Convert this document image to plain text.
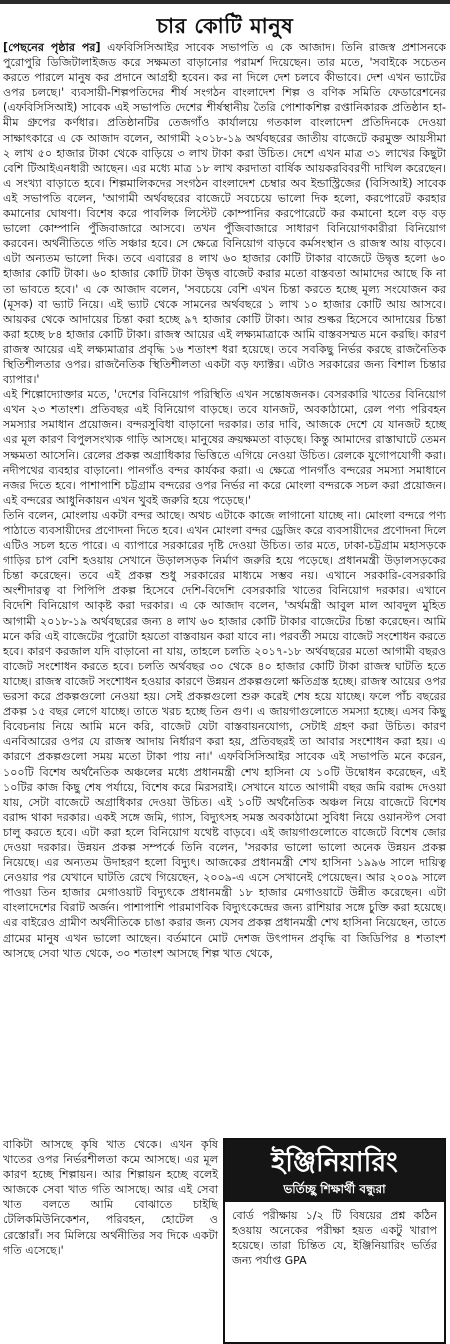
চার কোটি মানুষ

[পেছনের পৃষ্ঠার পর] এফবিসিসিআইর সাবেক সভাপতি এ কে আজাদ। তিনি রাজস্ব প্রশাসনকে পুরোপুরি ডিজিটালাইজড করে সক্ষমতা বাড়ানোর পরামর্শ দিয়েছেন। তার মতে, 'সবাইকে সচেতন করতে পারলে মানুষ কর প্রদানে আগ্রহী হবেন। কর না দিলে দেশ চলবে কীভাবে। দেশ এখন ভ্যাটের ওপর চলছে।' ব্যবসায়ী-শিল্পপতিদের শীর্ষ সংগঠন বাংলাদেশ শিল্প ও বণিক সমিতি ফেডারেশনের (এফবিসিসিআই) সাবেক এই সভাপতি দেশের শীর্ষস্থানীয় তৈরি পোশাকশিল্প রপ্তানিকারক প্রতিষ্ঠান হা-মীম গ্রুপের কর্ণধার। প্রতিষ্ঠানটির তেজগাঁও কার্যালয়ে গতকাল বাংলাদেশ প্রতিদিনকে দেওয়া সাক্ষাৎকারে এ কে আজাদ বলেন, আগামী ২০১৮-১৯ অর্থবছরের জাতীয় বাজেটে করমুক্ত আয়সীমা ২ লাখ ৫০ হাজার টাকা থেকে বাড়িয়ে ৩ লাখ টাকা করা উচিত। দেশে এখন মাত্র ৩১ লাখের কিছুটা বেশি টিআইএনধারী আছেন। এর মধ্যে মাত্র ১৮ লাখ করদাতা বার্ষিক আয়করবিবরণী দাখিল করেছেন। এ সংখ্যা বাড়াতে হবে। শিল্পমালিকদের সংগঠন বাংলাদেশ চেম্বার অব ইন্ডাস্ট্রিজের (বিসিআই) সাবেক এই সভাপতি বলেন, 'আগামী অর্থবছরের বাজেটে সবচেয়ে ভালো দিক হলো, করপোরেট করহার কমানোর ঘোষণা। বিশেষ করে পাবলিক লিস্টেট কোম্পানির করপোরেটে কর কমানো হলে বড় বড় ভালো কোম্পানি পুঁজিবাজারে আসবে। তখন পুঁজিবাজারে সাধারণ বিনিয়োগকারীরা বিনিয়োগ করবেন। অর্থনীতিতে গতি সঞ্চার হবে। সে ক্ষেত্রে বিনিয়োগ বাড়বে কর্মসংস্থান ও রাজস্ব আয় বাড়বে। এটা অন্যতম ভালো দিক। তবে এবারের ৪ লাখ ৬০ হাজার কোটি টাকার বাজেটে উদ্বৃত্ত হলো ৬০ হাজার কোটি টাকা। ৬০ হাজার কোটি টাকা উদ্বৃত্ত বাজেট করার মতো বাস্তবতা আমাদের আছে কি না তা ভাবতে হবে।' এ কে আজাদ বলেন, 'সবচেয়ে বেশি এখন চিন্তা করতে হচ্ছে মূল্য সংযোজন কর (মূসক) বা ভ্যাট নিয়ে। এই ভ্যাট থেকে সামনের অর্থবছরে ১ লাখ ১০ হাজার কোটি আয় আসবে। আয়কর থেকে আদায়ের চিন্তা করা হচ্ছে ৯৭ হাজার কোটি টাকা। আর শুল্কর হিসেবে আদায়ের চিন্তা করা হচ্ছে ৮৪ হাজার কোটি টাকা। রাজস্ব আয়ের এই লক্ষ্যমাত্রাকে আমি বাস্তবসম্মত মনে করছি। কারণ রাজস্ব আয়ের এই লক্ষ্যমাত্রার প্রবৃদ্ধি ১৬ শতাংশ ধরা হয়েছে। তবে সবকিছু নির্ভর করছে রাজনৈতিক স্থিতিশীলতার ওপর। রাজনৈতিক স্থিতিশীলতা একটা বড় ফ্যাক্টর। এটাও সরকারের জন্য বিশাল চিন্তার ব্যাপার।'

এই শিল্পোদ্যোক্তার মতে, 'দেশের বিনিয়োগ পরিস্থিতি এখন সন্তোষজনক। বেসরকারি খাতের বিনিয়োগ এখন ২৩ শতাংশ। প্রতিবছর এই বিনিয়োগ বাড়ছে। তবে যানজট, অবকাঠামো, রেল পণ্য পরিবহন সমস্যার সমাধান প্রয়োজন। বন্দরসুবিধা বাড়ানো দরকার। তার দাবি, আজকে দেশে যে যানজট হচ্ছে এর মূল কারণ বিপুলসংখ্যক গাড়ি আসছে। মানুষের ক্রয়ক্ষমতা বাড়ছে। কিন্তু আমাদের রাস্তাঘাটে তেমন সক্ষমতা আসেনি। রেলের প্রকল্প অগ্রাধিকার ভিত্তিতে এগিয়ে নেওয়া উচিত। রেলকে যুগোপযোগী করা। নদীপথের ব্যবহার বাড়ানো। পানগাঁও বন্দর কার্যকর করা। এ ক্ষেত্রে পানগাঁও বন্দরের সমস্যা সমাধানে নজর দিতে হবে। পাশাপাশি চট্টগ্রাম বন্দরের ওপর নির্ভর না করে মোংলা বন্দরকে সচল করা প্রয়োজন। এই বন্দরের আধুনিকায়ন এখন খুবই জরুরি হয়ে পড়েছে।'

তিনি বলেন, মোংলায় একটা বন্দর আছে। অথচ এটাকে কাজে লাগানো যাচ্ছে না। মোংলা বন্দরে পণ্য পাঠাতে ব্যবসায়ীদের প্রণোদনা দিতে হবে। এখন মোংলা বন্দর ড্রেজিং করে ব্যবসায়ীদের প্রণোদনা দিলে এটিও সচল হতে পারে। এ ব্যাপারে সরকারের দৃষ্টি দেওয়া উচিত। তার মতে, ঢাকা-চট্টগ্রাম মহাসড়কে গাড়ির চাপ বেশি হওয়ায় সেখানে উড়ালসড়ক নির্মাণ জরুরি হয়ে পড়েছে। প্রধানমন্ত্রী উড়ালসড়কের চিন্তা করেছেন। তবে এই প্রকল্প শুধু সরকারের মাধ্যমে সম্ভব নয়। এখানে সরকারি-বেসরকারি অংশীদারত্ব বা পিপিপি প্রকল্প হিসেবে দেশি-বিদেশি বেসরকারি খাতের বিনিয়োগ দরকার। এখানে বিদেশি বিনিয়োগ আকৃষ্ট করা দরকার। এ কে আজাদ বলেন, 'অর্থমন্ত্রী আবুল মাল আবদুল মুহিত আগামী ২০১৮-১৯ অর্থবছরের জন্য ৪ লাখ ৬০ হাজার কোটি টাকার বাজেটের চিন্তা করেছেন। আমি মনে করি এই বাজেটের পুরোটা হয়তো বাস্তবায়ন করা যাবে না। পরবর্তী সময়ে বাজেট সংশোধন করতে হবে। কারণ করজাল যদি বাড়ানো না যায়, তাহলে চলতি ২০১৭-১৮ অর্থবছরের মতো আগামী বছরও বাজেট সংশোধন করতে হবে। চলতি অর্থবছর ৩০ থেকে ৪০ হাজার কোটি টাকা রাজস্ব ঘাটতি হতে যাচ্ছে। রাজস্ব বাজেট সংশোধন হওয়ার কারণে উন্নয়ন প্রকল্পগুলো ক্ষতিগ্রস্ত হচ্ছে। রাজস্ব আয়ের ওপর ভরসা করে প্রকল্পগুলো নেওয়া হয়। সেই প্রকল্পগুলো শুরু করেই শেষ হয়ে যাচ্ছে। ফলে পাঁচ বছরের প্রকল্প ১৫ বছর লেগে যাচ্ছে। তাতে খরচ হচ্ছে তিন গুণ। এ জায়গাগুলোতে সমস্যা হচ্ছে। এসব কিছু বিবেচনায় নিয়ে আমি মনে করি, বাজেট যেটা বাস্তবায়নযোগ্য, সেটাই গ্রহণ করা উচিত। কারণ এনবিআরের ওপর যে রাজস্ব আদায় নির্ধারণ করা হয়, প্রতিবছরই তা আবার সংশোধন করা হয়। এ কারণে প্রকল্পগুলো সময় মতো টাকা পায় না।' এফবিসিসিআইর সাবেক এই সভাপতি মনে করেন, ১০০টি বিশেষ অর্থনৈতিক অঞ্চলের মধ্যে প্রধানমন্ত্রী শেখ হাসিনা যে ১০টি উদ্বোধন করেছেন, এই ১০টির কাজ কিছু শেষ পর্যায়ে, বিশেষ করে মিরসরাই। সেখানে যাতে আগামী বছর জমি বরাদ্দ দেওয়া যায়, সেটা বাজেটে অগ্রাধিকার দেওয়া উচিত। এই ১০টি অর্থনৈতিক অঞ্চল নিয়ে বাজেটে বিশেষ বরাদ্দ থাকা দরকার। একই সঙ্গে জমি, গ্যাস, বিদ্যুৎসহ সমস্ত অবকাঠামো সুবিধা নিয়ে ওয়ানস্টপ সেবা চালু করতে হবে। এটা করা হলে বিনিয়োগ যথেষ্ট বাড়বে। এই জায়গাগুলোতে বাজেটে বিশেষ জোর দেওয়া দরকার। উন্নয়ন প্রকল্প সম্পর্কে তিনি বলেন, 'সরকার ভালো ভালো অনেক উন্নয়ন প্রকল্প নিয়েছে। এর অন্যতম উদাহরণ হলো বিদ্যুৎ। আজকের প্রধানমন্ত্রী শেখ হাসিনা ১৯৯৬ সালে দায়িত্ব নেওয়ার পর যেখানে ঘাটতি রেখে গিয়েছেন, ২০০৯-এ এসে সেখানেই পেয়েছেন। আর ২০০৯ সালে পাওয়া তিন হাজার মেগাওয়াট বিদ্যুৎকে প্রধানমন্ত্রী ১৮ হাজার মেগাওয়াটে উন্নীত করেছেন। এটা বাংলাদেশের বিরাট অর্জন। পাশাপাশি পারমাণবিক বিদ্যুৎকেন্দ্রের জন্য রাশিয়ার সঙ্গে চুক্তি করা হয়েছে। এর বাইরেও গ্রামীণ অর্থনীতিকে চাঙা করার জন্য যেসব প্রকল্প প্রধানমন্ত্রী শেখ হাসিনা নিয়েছেন, তাতে গ্রামের মানুষ এখন ভালো আছেন। বর্তমানে মোট দেশজ উৎপাদন প্রবৃদ্ধি বা জিডিপির ৪ শতাংশ আসছে সেবা খাত থেকে, ৩০ শতাংশ আসছে শিল্প খাত থেকে,

বাকিটা আসছে কৃষি খাত থেকে। এখন কৃষি খাতের ওপর নির্ভরশীলতা কমে আসছে। এর মূল কারণ হচ্ছে শিল্পায়ন। আর শিল্পায়ন হচ্ছে বলেই আজকে সেবা খাত গতি আসছে। আর এই সেবা খাত বলতে আমি বোঝাতে চাইছি টেলিকমিউনিকেশন, পরিবহন, হোটেল ও রেস্তোরাঁ। সব মিলিয়ে অর্থনীতির সব দিকে একটা গতি এসেছে।'
ইঞ্জিনিয়ারিং
ভর্তিচ্ছু শিক্ষার্থী বন্ধুরা
বোর্ড পরীক্ষায় ১/২ টি বিষয়ের প্রশ্ন কঠিন হওয়ায় অনেকের পরীক্ষা হয়ত একটু খারাপ হয়েছে। তারা চিন্তিত যে, ইঞ্জিনিয়ারিং ভর্তির জন্য পর্যাপ্ত GPA
